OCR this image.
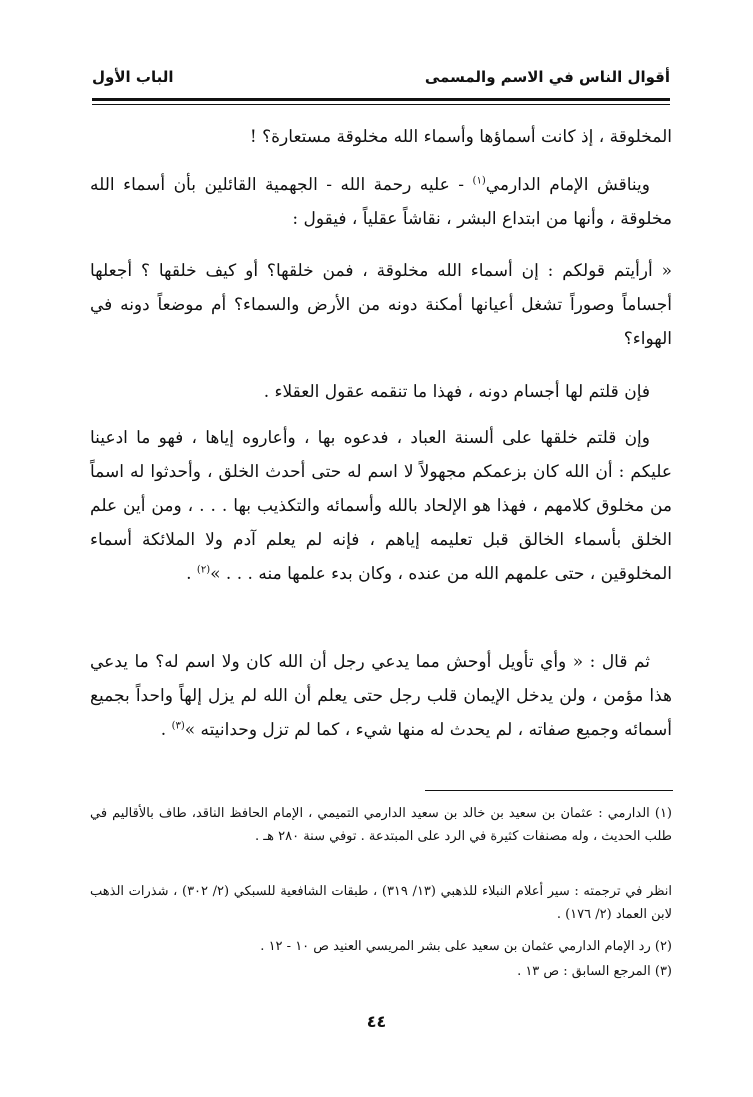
أقوال الناس في الاسم والمسمى
الباب الأول
المخلوقة ، إذ كانت أسماؤها وأسماء الله مخلوقة مستعارة؟ !
ويناقش الإمام الدارمي$^{(١)}$ - عليه رحمة الله - الجهمية القائلين بأن أسماء الله مخلوقة ، وأنها من ابتداع البشر ، نقاشاً عقلياً ، فيقول :
« أرأيتم قولكم : إن أسماء الله مخلوقة ، فمن خلقها؟ أو كيف خلقها ؟ أجعلها أجساماً وصوراً تشغل أعيانها أمكنة دونه من الأرض والسماء؟ أم موضعاً دونه في الهواء؟
فإن قلتم لها أجسام دونه ، فهذا ما تنقمه عقول العقلاء .
وإن قلتم خلقها على ألسنة العباد ، فدعوه بها ، وأعاروه إياها ، فهو ما ادعينا عليكم : أن الله كان بزعمكم مجهولاً لا اسم له حتى أحدث الخلق ، وأحدثوا له اسماً من مخلوق كلامهم ، فهذا هو الإلحاد بالله وأسمائه والتكذيب بها . . . ، ومن أين علم الخلق بأسماء الخالق قبل تعليمه إياهم ، فإنه لم يعلم آدم ولا الملائكة أسماء المخلوقين ، حتى علمهم الله من عنده ، وكان بدء علمها منه . . . »$^{(٢)}$ .
ثم قال : « وأي تأويل أوحش مما يدعي رجل أن الله كان ولا اسم له؟ ما يدعي هذا مؤمن ، ولن يدخل الإيمان قلب رجل حتى يعلم أن الله لم يزل إلهاً واحداً بجميع أسمائه وجميع صفاته ، لم يحدث له منها شيء ، كما لم تزل وحدانيته »$^{(٣)}$ .
(١) الدارمي : عثمان بن سعيد بن خالد بن سعيد الدارمي التميمي ، الإمام الحافظ الناقد، طاف بالأقاليم في طلب الحديث ، وله مصنفات كثيرة في الرد على المبتدعة . توفي سنة ٢٨٠ هـ .
انظر في ترجمته : سير أعلام النبلاء للذهبي (١٣/ ٣١٩) ، طبقات الشافعية للسبكي (٢/ ٣٠٢) ، شذرات الذهب لابن العماد (٢/ ١٧٦) .
(٢) رد الإمام الدارمي عثمان بن سعيد على بشر المريسي العنيد ص ١٠ - ١٢ .
(٣) المرجع السابق : ص ١٣ .
٤٤
